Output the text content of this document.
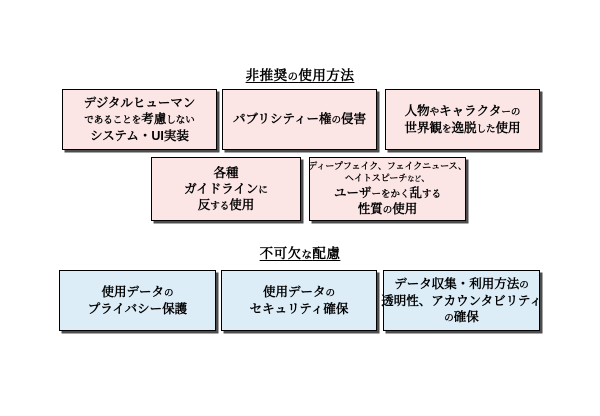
非推奨の使用方法
デジタルヒューマン
であることを考慮しない
システム・UI実装
パブリシティー権の侵害
人物やキャラクターの
世界観を逸脱した使用
各種
ガイドラインに
反する使用
ディープフェイク、フェイクニュース、
ヘイトスピーチなど、
ユーザーをかく乱する
性質の使用
不可欠な配慮
使用データの
プライバシー保護
使用データの
セキュリティ確保
データ収集・利用方法の
透明性、アカウンタビリティ
の確保
